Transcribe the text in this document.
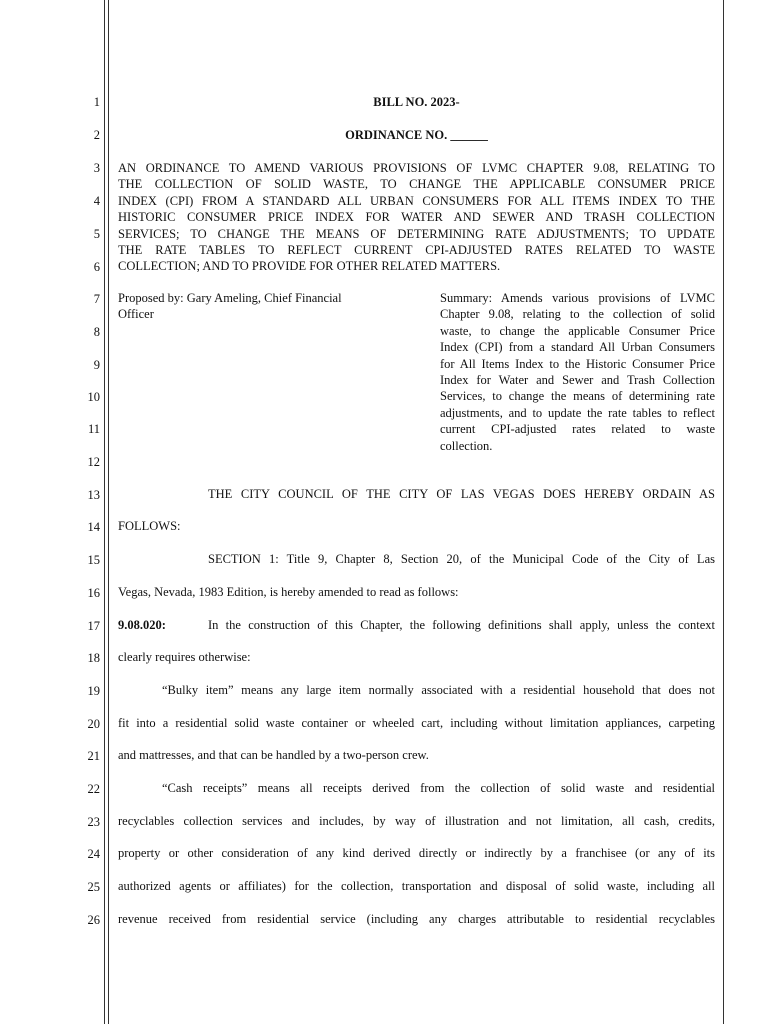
1
2
3
4
5
6
7
8
9
10
11
12
13
14
15
16
17
18
19
20
21
22
23
24
25
26
BILL NO. 2023-
ORDINANCE NO. ______
AN ORDINANCE TO AMEND VARIOUS PROVISIONS OF LVMC CHAPTER 9.08, RELATING TO
THE COLLECTION OF SOLID WASTE, TO CHANGE THE APPLICABLE CONSUMER PRICE
INDEX (CPI) FROM A STANDARD ALL URBAN CONSUMERS FOR ALL ITEMS INDEX TO THE
HISTORIC CONSUMER PRICE INDEX FOR WATER AND SEWER AND TRASH COLLECTION
SERVICES; TO CHANGE THE MEANS OF DETERMINING RATE ADJUSTMENTS; TO UPDATE
THE RATE TABLES TO REFLECT CURRENT CPI-ADJUSTED RATES RELATED TO WASTE
COLLECTION; AND TO PROVIDE FOR OTHER RELATED MATTERS.
Proposed by: Gary Ameling, Chief Financial
Officer
Summary: Amends various provisions of LVMC
Chapter 9.08, relating to the collection of solid
waste, to change the applicable Consumer Price
Index (CPI) from a standard All Urban Consumers
for All Items Index to the Historic Consumer Price
Index for Water and Sewer and Trash Collection
Services, to change the means of determining rate
adjustments, and to update the rate tables to reflect
current CPI-adjusted rates related to waste
collection.
THE CITY COUNCIL OF THE CITY OF LAS VEGAS DOES HEREBY ORDAIN AS
FOLLOWS:
SECTION 1: Title 9, Chapter 8, Section 20, of the Municipal Code of the City of Las
Vegas, Nevada, 1983 Edition, is hereby amended to read as follows:
9.08.020:	In the construction of this Chapter, the following definitions shall apply, unless the context
clearly requires otherwise:
“Bulky item” means any large item normally associated with a residential household that does not
fit into a residential solid waste container or wheeled cart, including without limitation appliances, carpeting
and mattresses, and that can be handled by a two-person crew.
“Cash receipts” means all receipts derived from the collection of solid waste and residential
recyclables collection services and includes, by way of illustration and not limitation, all cash, credits,
property or other consideration of any kind derived directly or indirectly by a franchisee (or any of its
authorized agents or affiliates) for the collection, transportation and disposal of solid waste, including all
revenue received from residential service (including any charges attributable to residential recyclables
